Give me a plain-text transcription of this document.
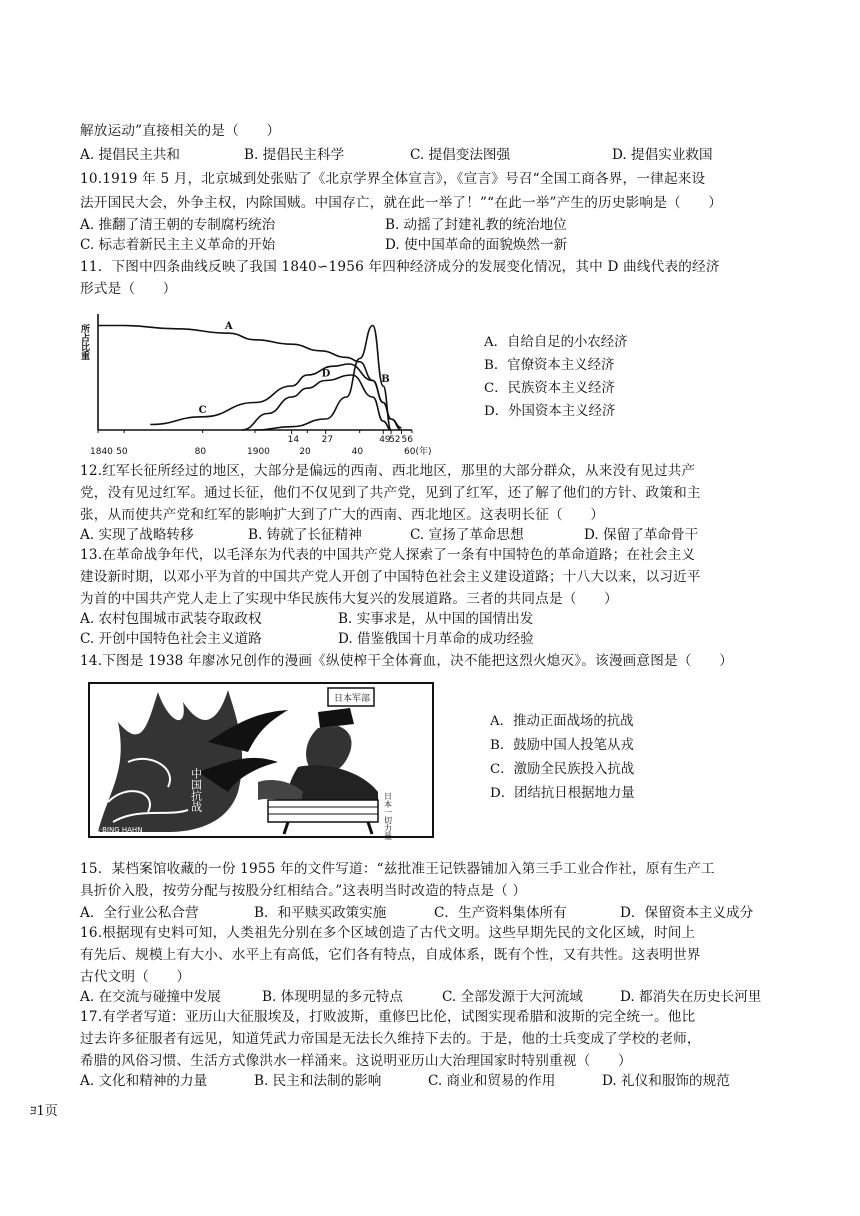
解放运动”直接相关的是（　　）
A. 提倡民主共和	B. 提倡民主科学	C. 提倡变法图强	D. 提倡实业救国
10.1919 年 5 月，北京城到处张贴了《北京学界全体宣言》，《宣言》号召“全国工商各界，一律起来设
法开国民大会，外争主权，内除国贼。中国存亡，就在此一举了！”“在此一举”产生的历史影响是（　　）
A. 推翻了清王朝的专制腐朽统治	B. 动摇了封建礼教的统治地位
C. 标志着新民主主义革命的开始	D. 使中国革命的面貌焕然一新
11．下图中四条曲线反映了我国 1840∽1956 年四种经济成分的发展变化情况，其中 D 曲线代表的经济
形式是（　　）
所占比重
1840 50	80	1900	20	40	60(年)
14	27	49
52 56
A
B
C
D
A．自给自足的小农经济
B．官僚资本主义经济
C．民族资本主义经济
D．外国资本主义经济
12.红军长征所经过的地区，大部分是偏远的西南、西北地区，那里的大部分群众，从来没有见过共产
党，没有见过红军。通过长征，他们不仅见到了共产党，见到了红军，还了解了他们的方针、政策和主
张，从而使共产党和红军的影响扩大到了广大的西南、西北地区。这表明长征（　　）
A. 实现了战略转移	B. 铸就了长征精神	C. 宣扬了革命思想	D. 保留了革命骨干
13.在革命战争年代，以毛泽东为代表的中国共产党人探索了一条有中国特色的革命道路；在社会主义
建设新时期，以邓小平为首的中国共产党人开创了中国特色社会主义建设道路；十八大以来，以习近平
为首的中国共产党人走上了实现中华民族伟大复兴的发展道路。三者的共同点是（　　）
A. 农村包围城市武装夺取政权	B. 实事求是，从中国的国情出发
C. 开创中国特色社会主义道路	D. 借鉴俄国十月革命的成功经验
14.下图是 1938 年廖冰兄创作的漫画《纵使榨干全体膏血，决不能把这烈火熄灭》。该漫画意图是（　　）
中国抗战
日本军部
日本一切力量
L·BING HAHN
A．推动正面战场的抗战
B．鼓励中国人投笔从戎
C．激励全民族投入抗战
D．团结抗日根据地力量
15．某档案馆收藏的一份 1955 年的文件写道：“兹批准王记铁器铺加入第三手工业合作社，原有生产工
具折价入股，按劳分配与按股分红相结合。”这表明当时改造的特点是（ ）
A．全行业公私合营	B．和平赎买政策实施	C．生产资料集体所有	D．保留资本主义成分
16.根据现有史料可知，人类祖先分别在多个区域创造了古代文明。这些早期先民的文化区域，时间上
有先后、规模上有大小、水平上有高低，它们各有特点，自成体系，既有个性，又有共性。这表明世界
古代文明（　　）
A. 在交流与碰撞中发展	B. 体现明显的多元特点	C. 全部发源于大河流域	D. 都消失在历史长河里
17.有学者写道：亚历山大征服埃及，打败波斯，重修巴比伦，试图实现希腊和波斯的完全统一。他比
过去许多征服者有远见，知道凭武力帝国是无法长久维持下去的。于是，他的士兵变成了学校的老师，
希腊的风俗习惯、生活方式像洪水一样涌来。这说明亚历山大治理国家时特别重视（　　）
A. 文化和精神的力量	B. 民主和法制的影响	C. 商业和贸易的作用	D. 礼仪和服饰的规范
ﾖ1页
